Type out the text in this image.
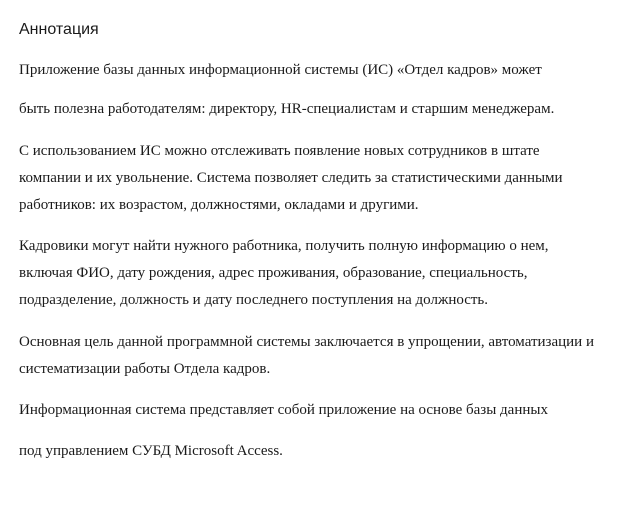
Аннотация
Приложение базы данных информационной системы (ИС) «Отдел кадров» может
быть полезна работодателям: директору, HR-специалистам и старшим менеджерам.
С использованием ИС можно отслеживать появление новых сотрудников в штате
компании и их увольнение. Система позволяет следить за статистическими данными
работников: их возрастом, должностями, окладами и другими.
Кадровики могут найти нужного работника, получить полную информацию о нем,
включая ФИО, дату рождения, адрес проживания, образование, специальность,
подразделение, должность и дату последнего поступления на должность.
Основная цель данной программной системы заключается в упрощении, автоматизации и
систематизации работы Отдела кадров.
Информационная система представляет собой приложение на основе базы данных
под управлением СУБД Microsoft Access.
